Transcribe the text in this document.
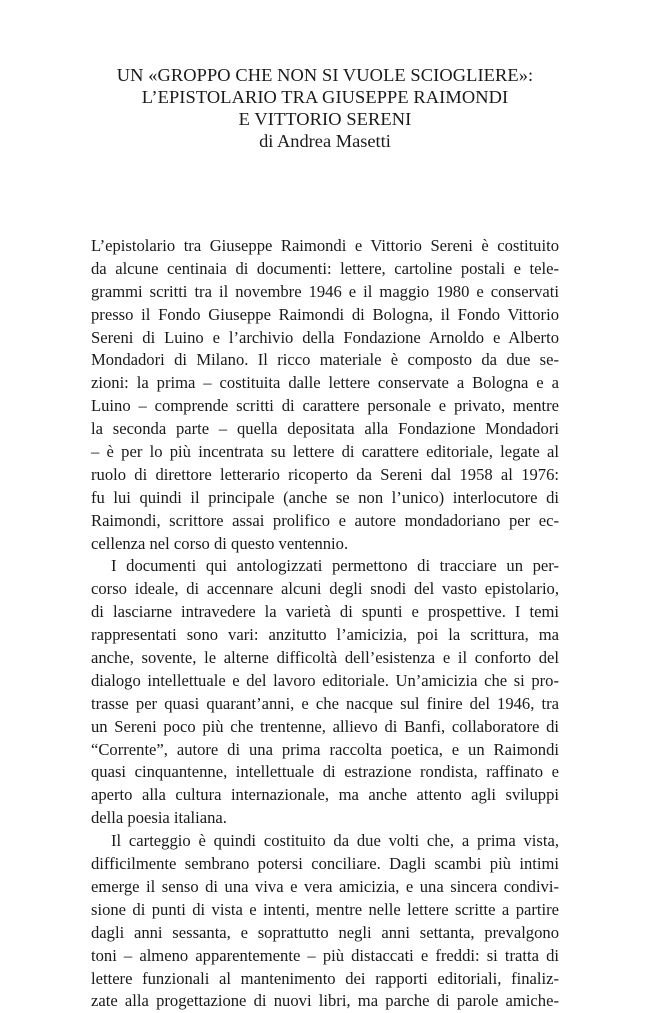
UN «GROPPO CHE NON SI VUOLE SCIOGLIERE»:
L’EPISTOLARIO TRA GIUSEPPE RAIMONDI
E VITTORIO SERENI
di Andrea Masetti
L’epistolario tra Giuseppe Raimondi e Vittorio Sereni è costituito
da alcune centinaia di documenti: lettere, cartoline postali e tele-
grammi scritti tra il novembre 1946 e il maggio 1980 e conservati
presso il Fondo Giuseppe Raimondi di Bologna, il Fondo Vittorio
Sereni di Luino e l’archivio della Fondazione Arnoldo e Alberto
Mondadori di Milano. Il ricco materiale è composto da due se-
zioni: la prima – costituita dalle lettere conservate a Bologna e a
Luino – comprende scritti di carattere personale e privato, mentre
la seconda parte – quella depositata alla Fondazione Mondadori
– è per lo più incentrata su lettere di carattere editoriale, legate al
ruolo di direttore letterario ricoperto da Sereni dal 1958 al 1976:
fu lui quindi il principale (anche se non l’unico) interlocutore di
Raimondi, scrittore assai prolifico e autore mondadoriano per ec-
cellenza nel corso di questo ventennio.
I documenti qui antologizzati permettono di tracciare un per-
corso ideale, di accennare alcuni degli snodi del vasto epistolario,
di lasciarne intravedere la varietà di spunti e prospettive. I temi
rappresentati sono vari: anzitutto l’amicizia, poi la scrittura, ma
anche, sovente, le alterne difficoltà dell’esistenza e il conforto del
dialogo intellettuale e del lavoro editoriale. Un’amicizia che si pro-
trasse per quasi quarant’anni, e che nacque sul finire del 1946, tra
un Sereni poco più che trentenne, allievo di Banfi, collaboratore di
“Corrente”, autore di una prima raccolta poetica, e un Raimondi
quasi cinquantenne, intellettuale di estrazione rondista, raffinato e
aperto alla cultura internazionale, ma anche attento agli sviluppi
della poesia italiana.
Il carteggio è quindi costituito da due volti che, a prima vista,
difficilmente sembrano potersi conciliare. Dagli scambi più intimi
emerge il senso di una viva e vera amicizia, e una sincera condivi-
sione di punti di vista e intenti, mentre nelle lettere scritte a partire
dagli anni sessanta, e soprattutto negli anni settanta, prevalgono
toni – almeno apparentemente – più distaccati e freddi: si tratta di
lettere funzionali al mantenimento dei rapporti editoriali, finaliz-
zate alla progettazione di nuovi libri, ma parche di parole amiche-
